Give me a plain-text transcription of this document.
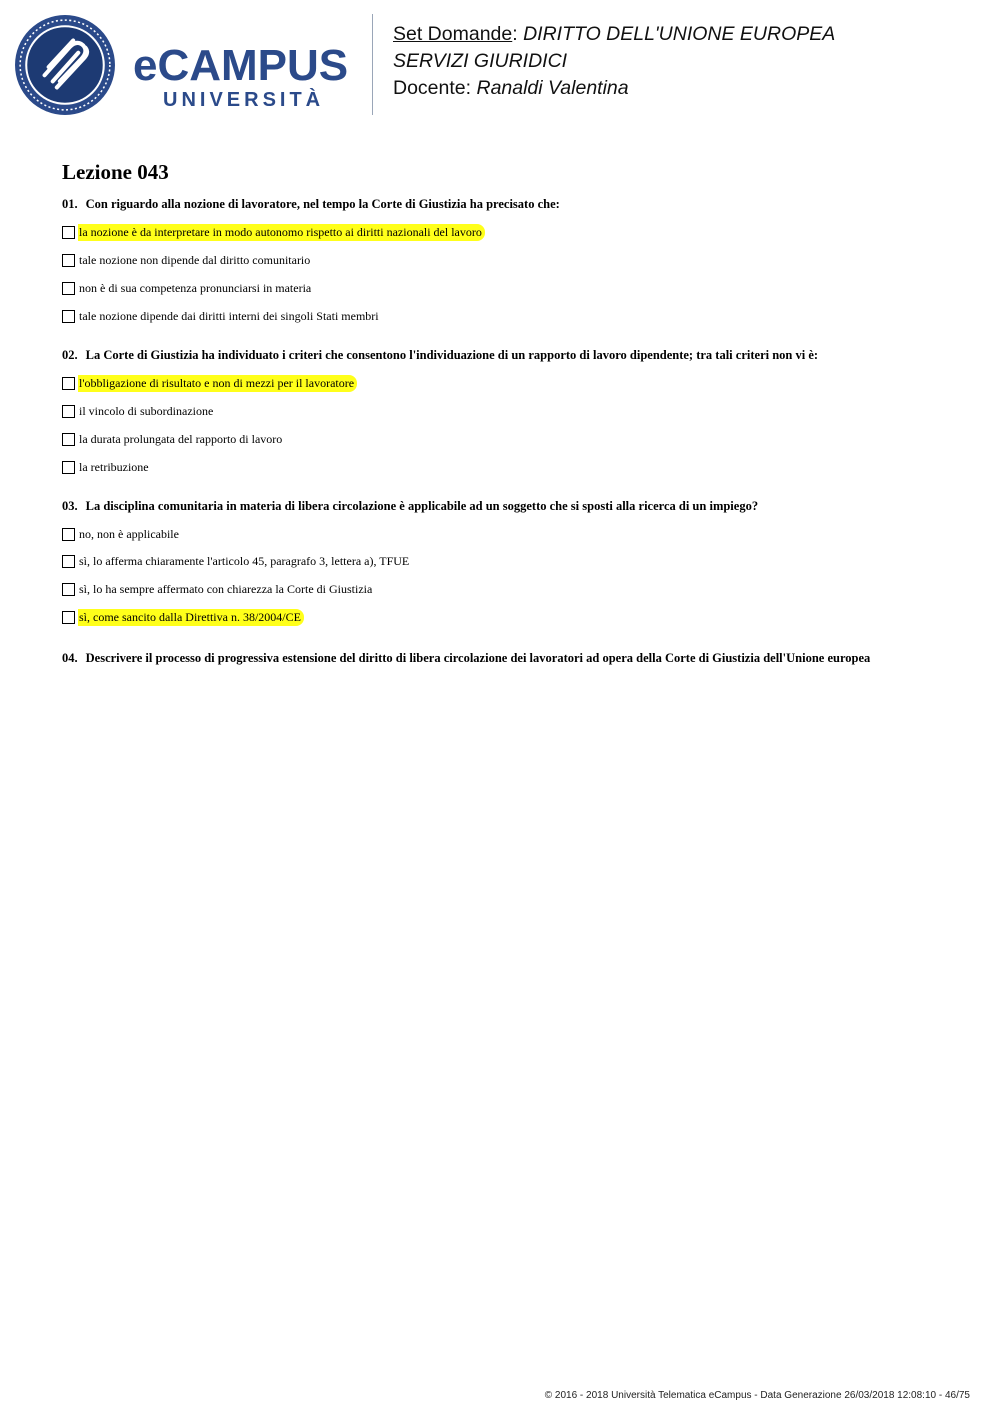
eCAMPUS
UNIVERSITÀ
Set Domande: DIRITTO DELL'UNIONE EUROPEA
SERVIZI GIURIDICI
Docente: Ranaldi Valentina
Lezione 043
01. Con riguardo alla nozione di lavoratore, nel tempo la Corte di Giustizia ha precisato che:
la nozione è da interpretare in modo autonomo rispetto ai diritti nazionali del lavoro
tale nozione non dipende dal diritto comunitario
non è di sua competenza pronunciarsi in materia
tale nozione dipende dai diritti interni dei singoli Stati membri
02. La Corte di Giustizia ha individuato i criteri che consentono l'individuazione di un rapporto di lavoro dipendente; tra tali criteri non vi è:
l'obbligazione di risultato e non di mezzi per il lavoratore
il vincolo di subordinazione
la durata prolungata del rapporto di lavoro
la retribuzione
03. La disciplina comunitaria in materia di libera circolazione è applicabile ad un soggetto che si sposti alla ricerca di un impiego?
no, non è applicabile
sì, lo afferma chiaramente l'articolo 45, paragrafo 3, lettera a), TFUE
sì, lo ha sempre affermato con chiarezza la Corte di Giustizia
sì, come sancito dalla Direttiva n. 38/2004/CE
04. Descrivere il processo di progressiva estensione del diritto di libera circolazione dei lavoratori ad opera della Corte di Giustizia dell'Unione europea
© 2016 - 2018 Università Telematica eCampus - Data Generazione 26/03/2018 12:08:10 - 46/75
